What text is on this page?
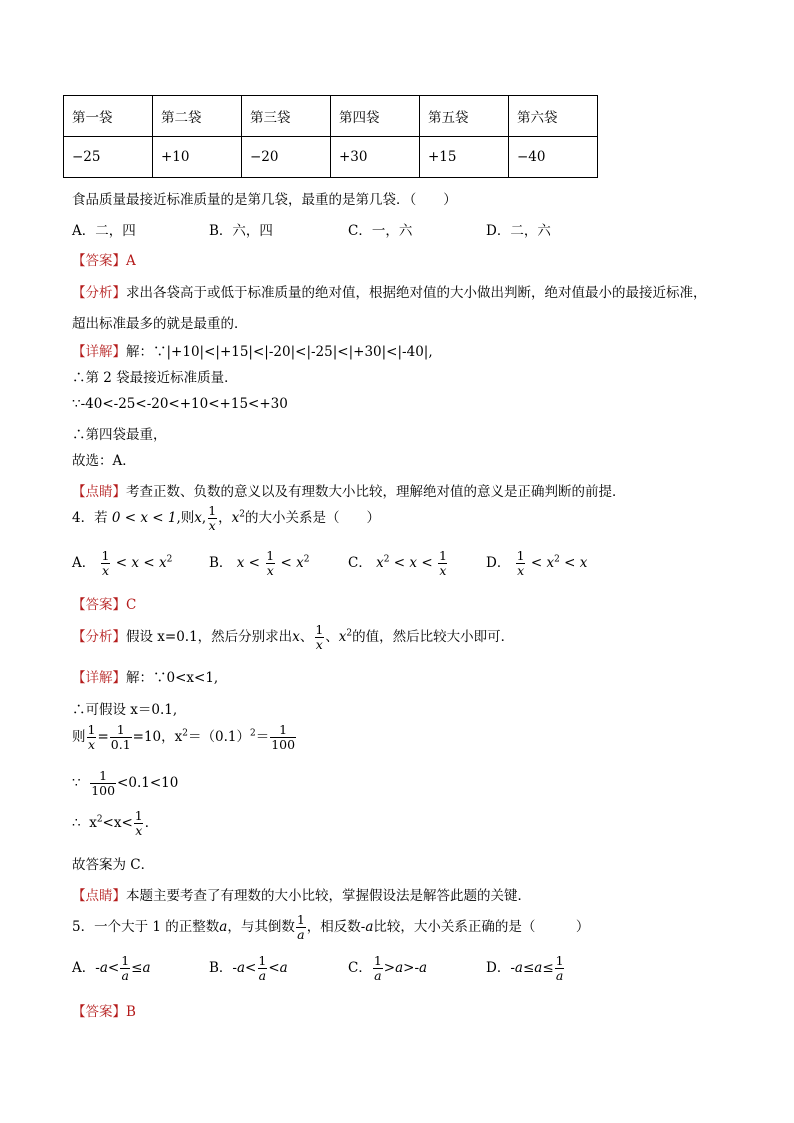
第一袋	第二袋	第三袋	第四袋	第五袋	第六袋
−25	+10	−20	+30	+15	−40
食品质量最接近标准质量的是第几袋，最重的是第几袋．（　　）
A．二，四	B．六，四	C．一，六	D．二，六
【答案】A
【分析】求出各袋高于或低于标准质量的绝对值，根据绝对值的大小做出判断，绝对值最小的最接近标准，
超出标准最多的就是最重的．
【详解】解：∵|+10|<|+15|<|-20|<|-25|<|+30|<|-40|,
∴第 2 袋最接近标准质量．
∵-40<-25<-20<+10<+15<+30
∴第四袋最重，
故选：A．
【点睛】考查正数、负数的意义以及有理数大小比较，理解绝对值的意义是正确判断的前提．
4．若 0 < x < 1,则x, $\frac{1}{x}$ ，$x^2$的大小关系是（　　）
A． $\frac{1}{x} < x < x^2$	B． $x < \frac{1}{x} < x^2$	C． $x^2 < x < \frac{1}{x}$	D． $\frac{1}{x} < x^2 < x$
【答案】C
【分析】假设 x=0.1，然后分别求出x、 $\frac{1}{x}$ 、$x^2$的值，然后比较大小即可．
【详解】解：∵0<x<1,
∴可假设 x＝0.1,
则 $\frac{1}{x} = \frac{1}{0.1} =10$，$x^2=(0.1)^2= \frac{1}{100}$
∵ $\frac{1}{100} <0.1<10$
∴ $x^2<x< \frac{1}{x}$ ．
故答案为 C．
【点睛】本题主要考查了有理数的大小比较，掌握假设法是解答此题的关键．
5．一个大于 1 的正整数a，与其倒数 $\frac{1}{a}$ ，相反数-a比较，大小关系正确的是（　　　）
A．$-a< \frac{1}{a} \le a$	B．$-a< \frac{1}{a} <a$	C． $\frac{1}{a} >a>-a$	D．$-a\le a\le \frac{1}{a}$
【答案】B
